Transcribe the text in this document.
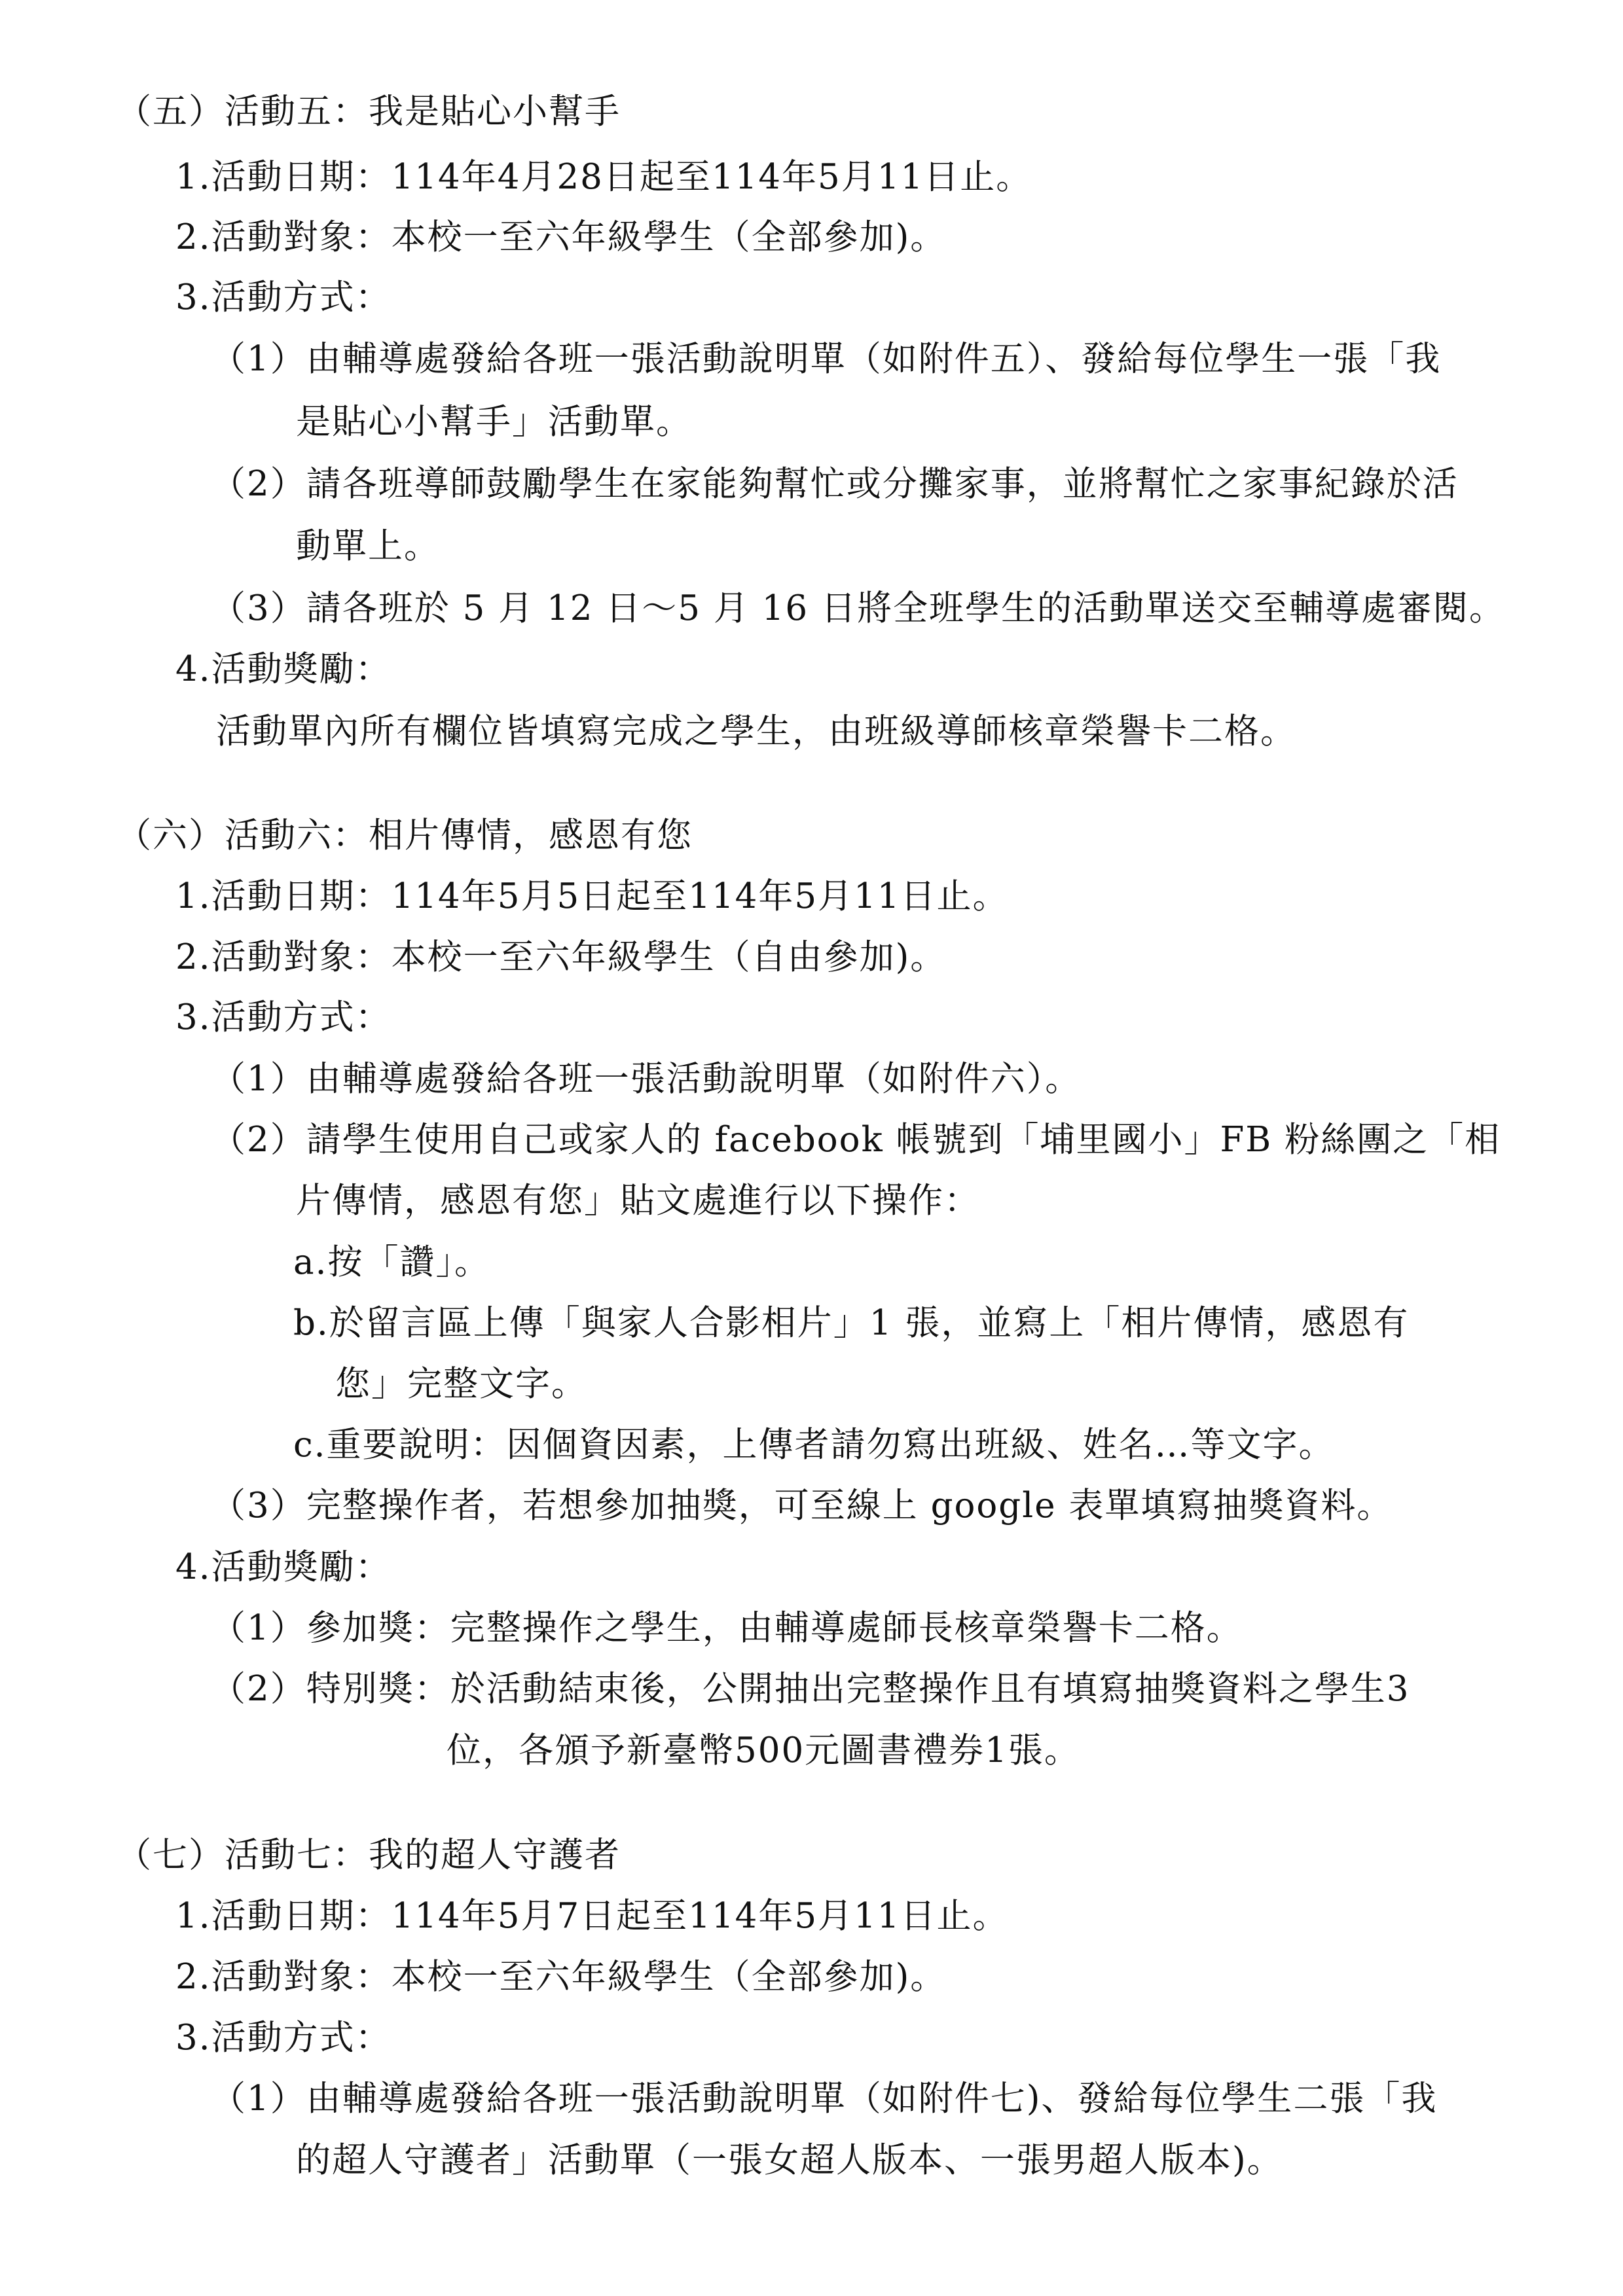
（五）活動五：我是貼心小幫手
1.活動日期：114年4月28日起至114年5月11日止。
2.活動對象：本校一至六年級學生（全部參加)。
3.活動方式：
（1）由輔導處發給各班一張活動說明單（如附件五）、發給每位學生一張「我
是貼心小幫手」活動單。
（2）請各班導師鼓勵學生在家能夠幫忙或分攤家事，並將幫忙之家事紀錄於活
動單上。
（3）請各班於 5 月 12 日～5 月 16 日將全班學生的活動單送交至輔導處審閱。
4.活動獎勵：
活動單內所有欄位皆填寫完成之學生，由班級導師核章榮譽卡二格。
（六）活動六：相片傳情，感恩有您
1.活動日期：114年5月5日起至114年5月11日止。
2.活動對象：本校一至六年級學生（自由參加)。
3.活動方式：
（1）由輔導處發給各班一張活動說明單（如附件六）。
（2）請學生使用自己或家人的 facebook 帳號到「埔里國小」FB 粉絲團之「相
片傳情，感恩有您」貼文處進行以下操作：
a.按「讚」。
b.於留言區上傳「與家人合影相片」1 張，並寫上「相片傳情，感恩有
您」完整文字。
c.重要說明：因個資因素，上傳者請勿寫出班級、姓名…等文字。
（3）完整操作者，若想參加抽獎，可至線上 google 表單填寫抽獎資料。
4.活動獎勵：
（1）參加獎：完整操作之學生，由輔導處師長核章榮譽卡二格。
（2）特別獎：於活動結束後，公開抽出完整操作且有填寫抽獎資料之學生3
位，各頒予新臺幣500元圖書禮券1張。
（七）活動七：我的超人守護者
1.活動日期：114年5月7日起至114年5月11日止。
2.活動對象：本校一至六年級學生（全部參加)。
3.活動方式：
（1）由輔導處發給各班一張活動說明單（如附件七)、發給每位學生二張「我
的超人守護者」活動單（一張女超人版本、一張男超人版本)。
